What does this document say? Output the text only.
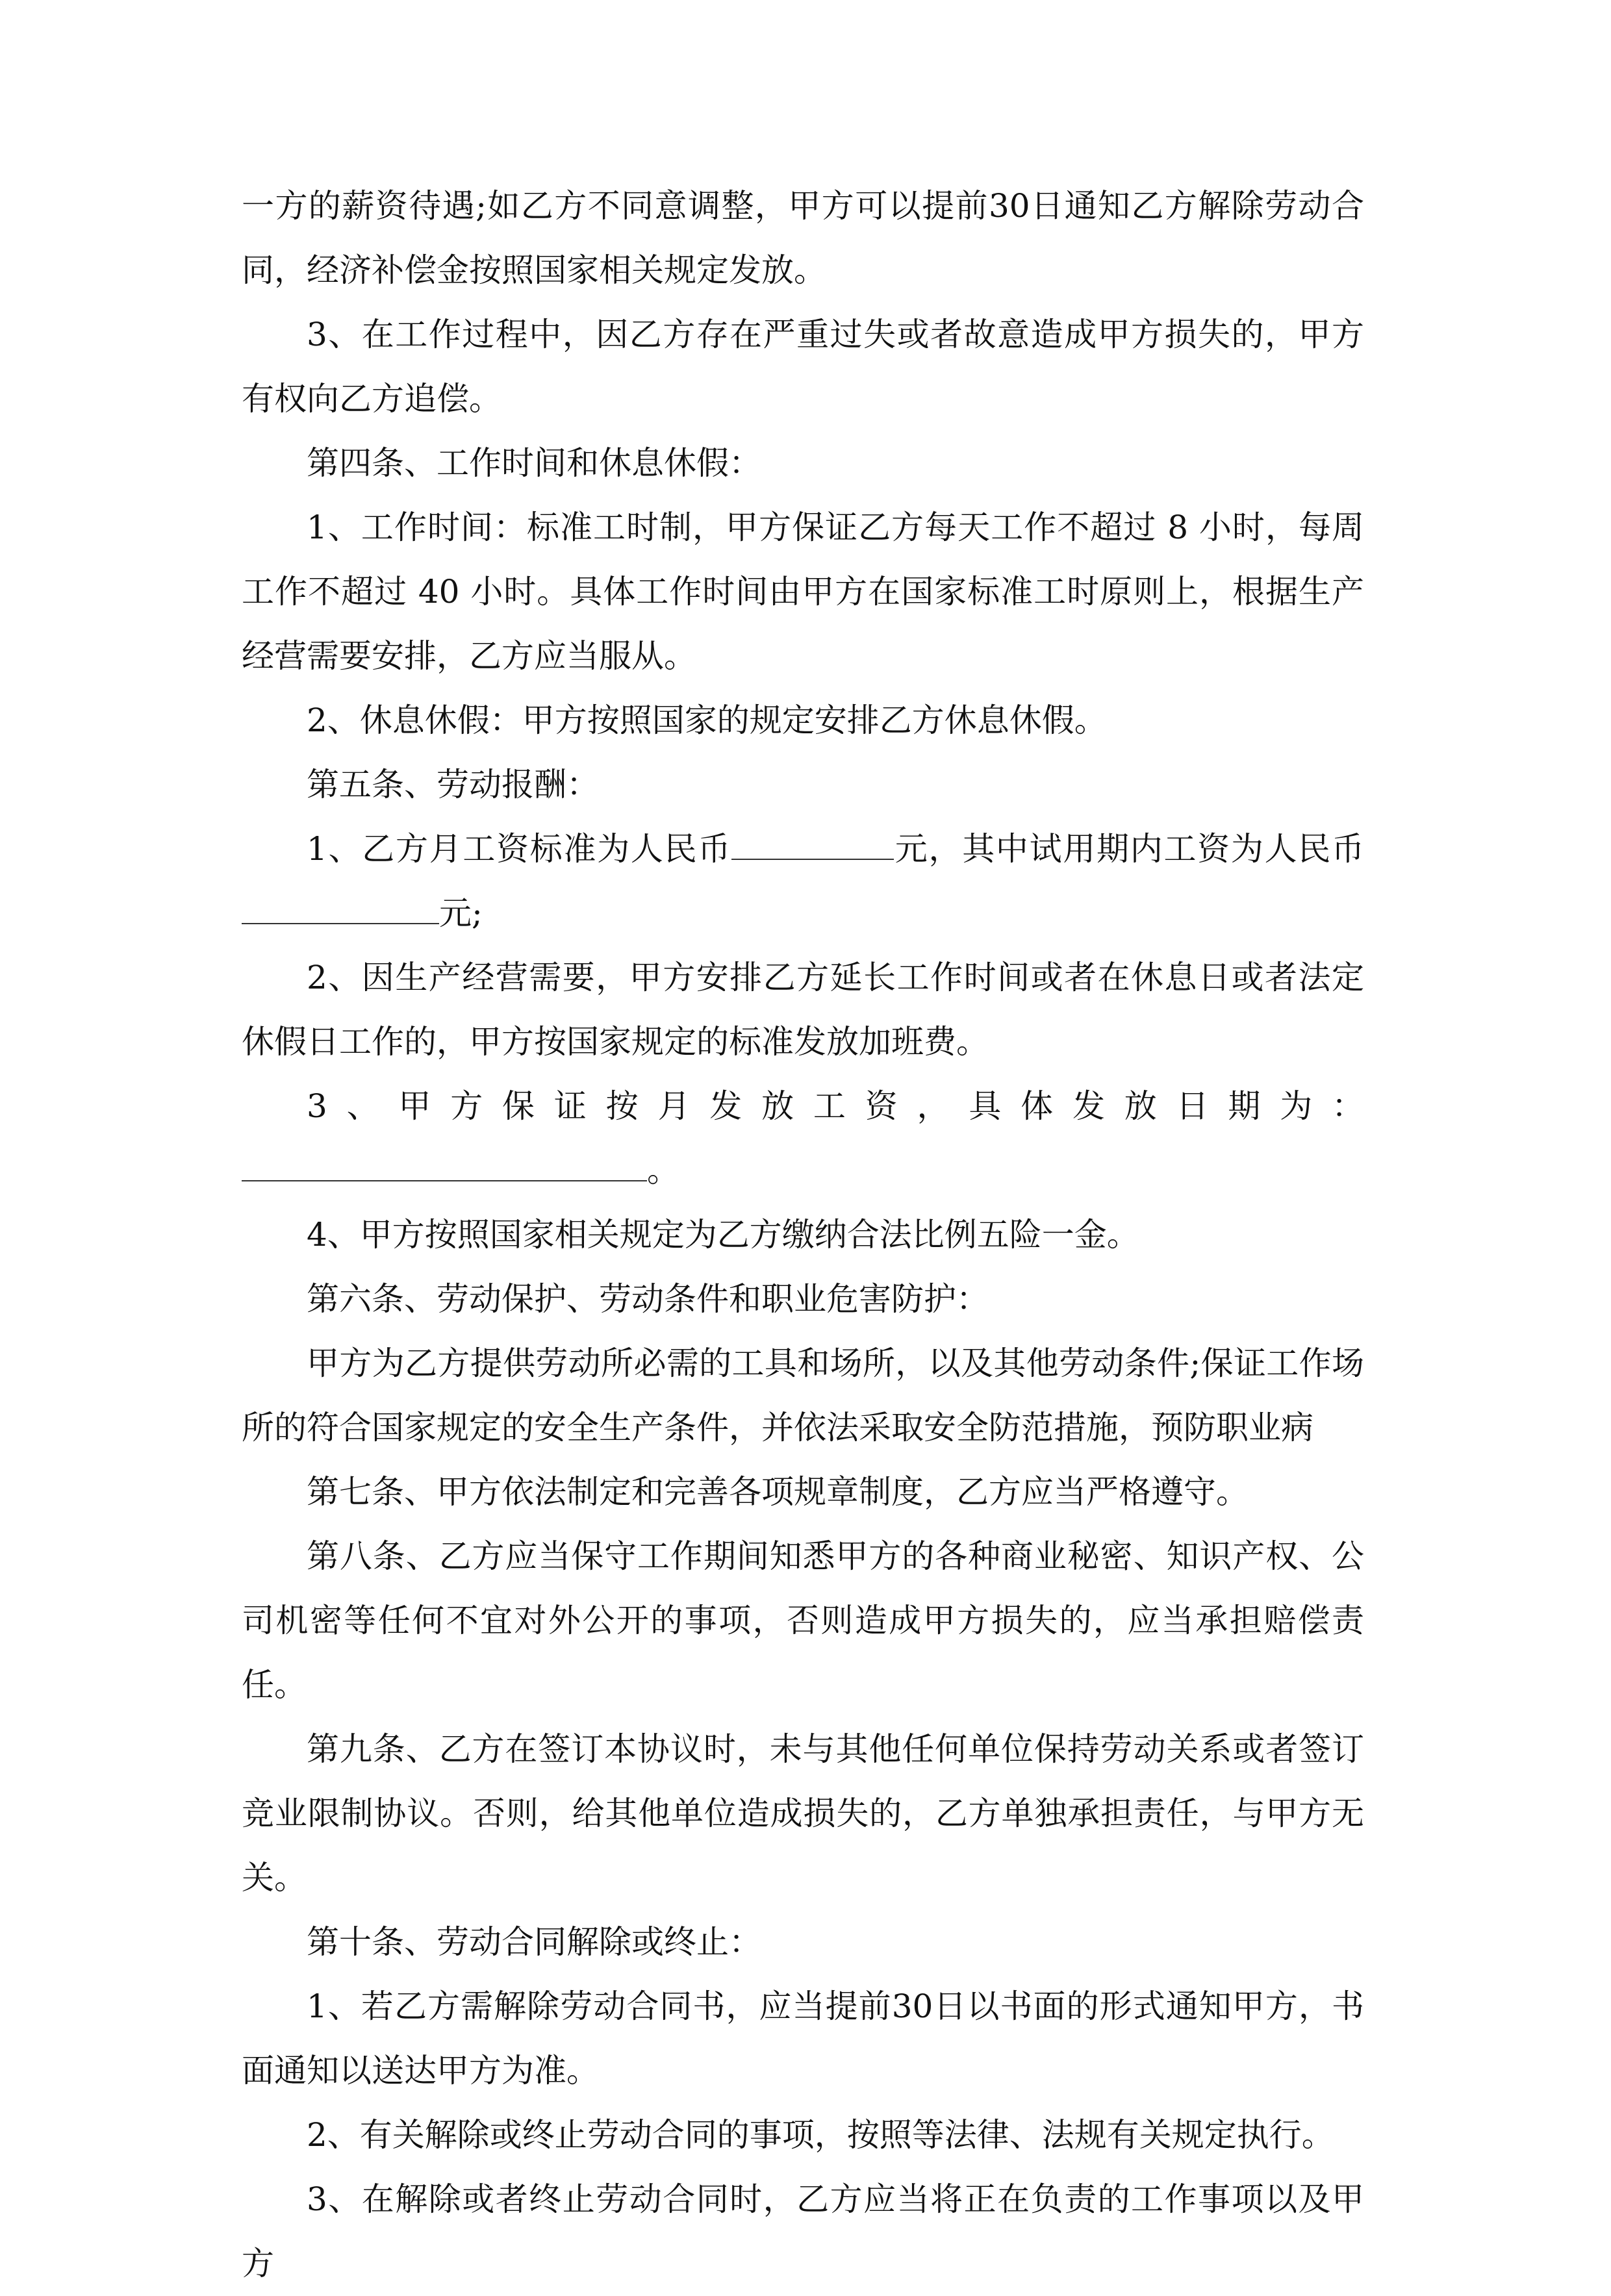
一方的薪资待遇;如乙方不同意调整，甲方可以提前30日通知乙方解除劳动合同，经济补偿金按照国家相关规定发放。

3、在工作过程中，因乙方存在严重过失或者故意造成甲方损失的，甲方有权向乙方追偿。

第四条、工作时间和休息休假：

1、工作时间：标准工时制，甲方保证乙方每天工作不超过 8 小时，每周工作不超过 40 小时。具体工作时间由甲方在国家标准工时原则上，根据生产经营需要安排，乙方应当服从。

2、休息休假：甲方按照国家的规定安排乙方休息休假。

第五条、劳动报酬：

1、乙方月工资标准为人民币	元，其中试用期内工资为人民币元;

2、因生产经营需要，甲方安排乙方延长工作时间或者在休息日或者法定休假日工作的，甲方按国家规定的标准发放加班费。

3、甲方保证按月发放工资，具体发放日期为：。

4、甲方按照国家相关规定为乙方缴纳合法比例五险一金。

第六条、劳动保护、劳动条件和职业危害防护：

甲方为乙方提供劳动所必需的工具和场所，以及其他劳动条件;保证工作场所的符合国家规定的安全生产条件，并依法采取安全防范措施，预防职业病

第七条、甲方依法制定和完善各项规章制度，乙方应当严格遵守。

第八条、乙方应当保守工作期间知悉甲方的各种商业秘密、知识产权、公司机密等任何不宜对外公开的事项，否则造成甲方损失的，应当承担赔偿责任。

第九条、乙方在签订本协议时，未与其他任何单位保持劳动关系或者签订竞业限制协议。否则，给其他单位造成损失的，乙方单独承担责任，与甲方无关。

第十条、劳动合同解除或终止：

1、若乙方需解除劳动合同书，应当提前30日以书面的形式通知甲方，书面通知以送达甲方为准。

2、有关解除或终止劳动合同的事项，按照等法律、法规有关规定执行。

3、在解除或者终止劳动合同时，乙方应当将正在负责的工作事项以及甲方
